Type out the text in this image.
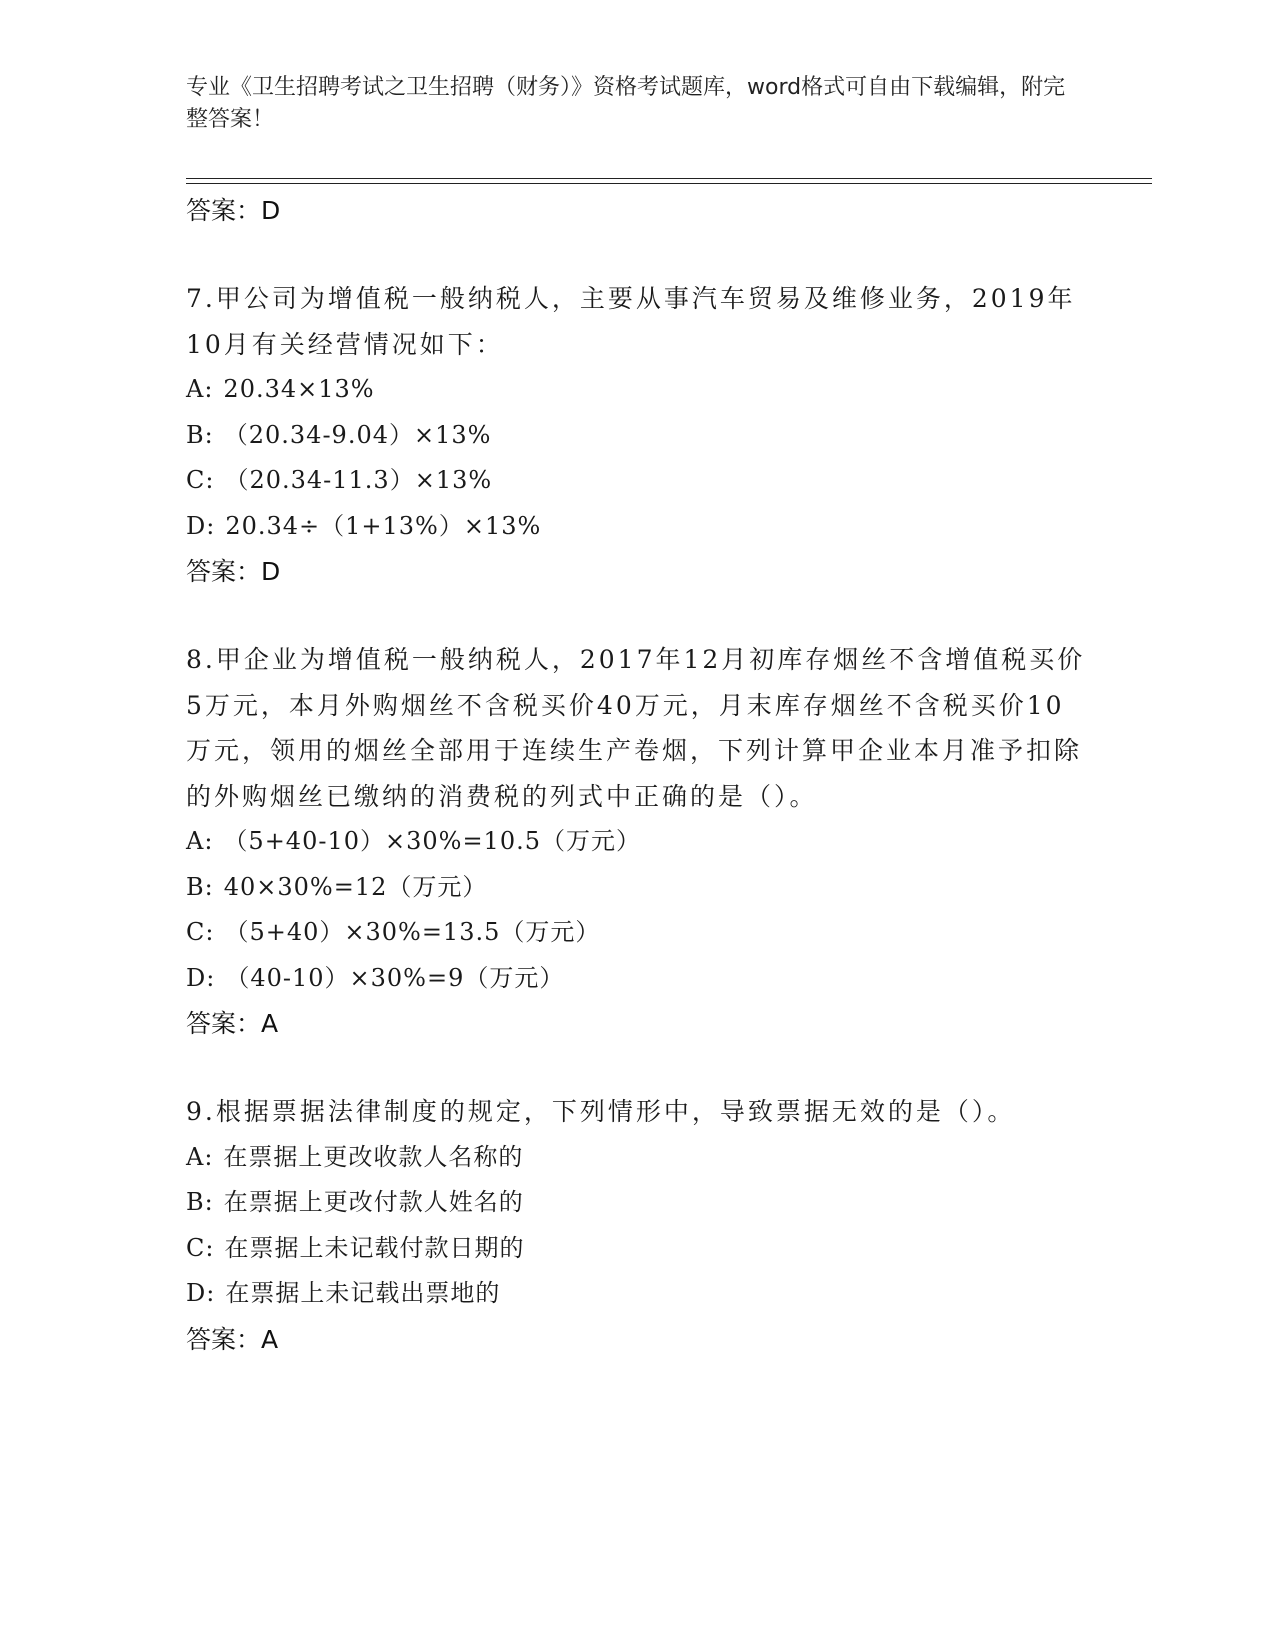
专业《卫生招聘考试之卫生招聘（财务）》资格考试题库，word格式可自由下载编辑，附完整答案！
答案：D
7.甲公司为增值税一般纳税人，主要从事汽车贸易及维修业务，2019年10月有关经营情况如下：
A: 20.34×13%
B: （20.34-9.04）×13%
C: （20.34-11.3）×13%
D: 20.34÷（1+13%）×13%
答案：D
8.甲企业为增值税一般纳税人，2017年12月初库存烟丝不含增值税买价5万元，本月外购烟丝不含税买价40万元，月末库存烟丝不含税买价10万元，领用的烟丝全部用于连续生产卷烟，下列计算甲企业本月准予扣除的外购烟丝已缴纳的消费税的列式中正确的是（）。
A: （5+40-10）×30%=10.5（万元）
B: 40×30%=12（万元）
C: （5+40）×30%=13.5（万元）
D: （40-10）×30%=9（万元）
答案：A
9.根据票据法律制度的规定，下列情形中，导致票据无效的是（）。
A: 在票据上更改收款人名称的
B: 在票据上更改付款人姓名的
C: 在票据上未记载付款日期的
D: 在票据上未记载出票地的
答案：A
